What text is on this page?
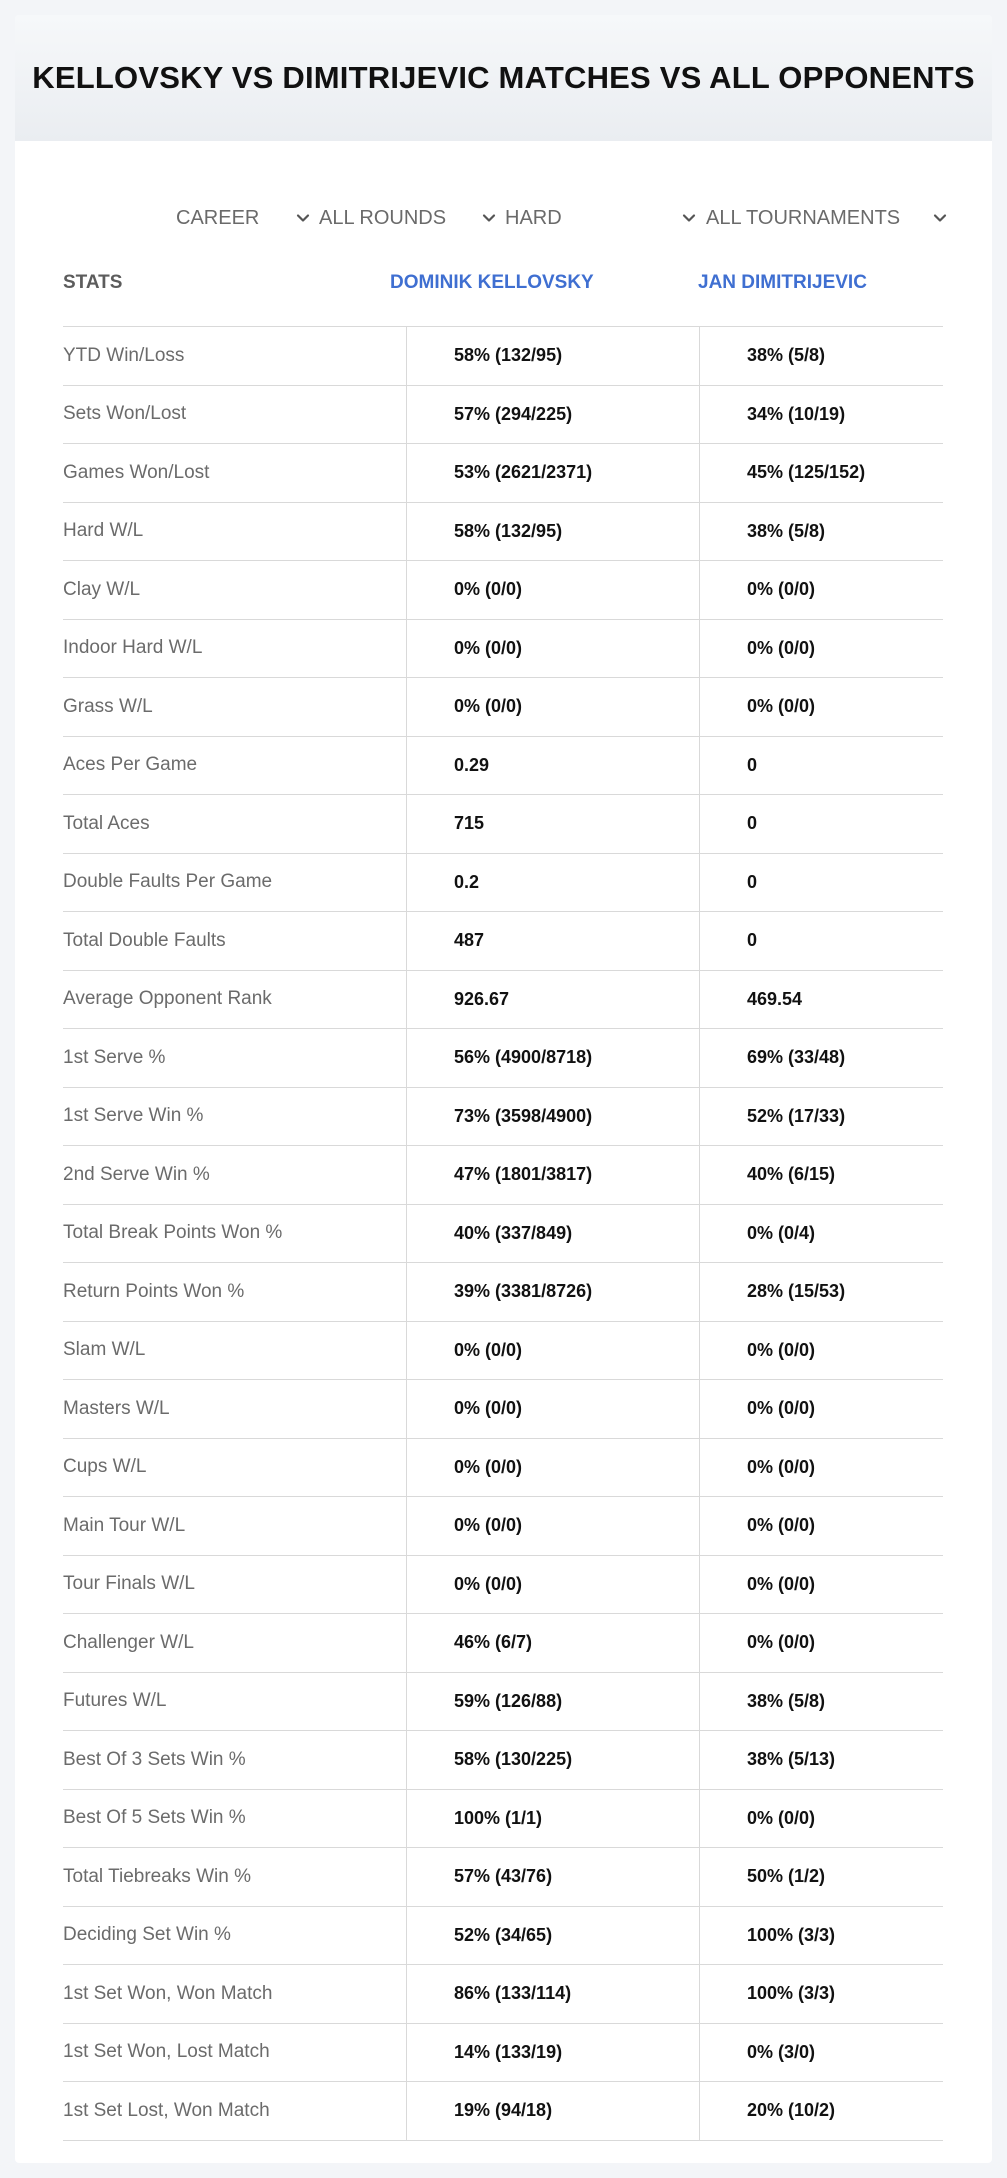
KELLOVSKY VS DIMITRIJEVIC MATCHES VS ALL OPPONENTS
CAREER	ALL ROUNDS	HARD	ALL TOURNAMENTS
STATS	DOMINIK KELLOVSKY	JAN DIMITRIJEVIC
YTD Win/Loss	58% (132/95)	38% (5/8)
Sets Won/Lost	57% (294/225)	34% (10/19)
Games Won/Lost	53% (2621/2371)	45% (125/152)
Hard W/L	58% (132/95)	38% (5/8)
Clay W/L	0% (0/0)	0% (0/0)
Indoor Hard W/L	0% (0/0)	0% (0/0)
Grass W/L	0% (0/0)	0% (0/0)
Aces Per Game	0.29	0
Total Aces	715	0
Double Faults Per Game	0.2	0
Total Double Faults	487	0
Average Opponent Rank	926.67	469.54
1st Serve %	56% (4900/8718)	69% (33/48)
1st Serve Win %	73% (3598/4900)	52% (17/33)
2nd Serve Win %	47% (1801/3817)	40% (6/15)
Total Break Points Won %	40% (337/849)	0% (0/4)
Return Points Won %	39% (3381/8726)	28% (15/53)
Slam W/L	0% (0/0)	0% (0/0)
Masters W/L	0% (0/0)	0% (0/0)
Cups W/L	0% (0/0)	0% (0/0)
Main Tour W/L	0% (0/0)	0% (0/0)
Tour Finals W/L	0% (0/0)	0% (0/0)
Challenger W/L	46% (6/7)	0% (0/0)
Futures W/L	59% (126/88)	38% (5/8)
Best Of 3 Sets Win %	58% (130/225)	38% (5/13)
Best Of 5 Sets Win %	100% (1/1)	0% (0/0)
Total Tiebreaks Win %	57% (43/76)	50% (1/2)
Deciding Set Win %	52% (34/65)	100% (3/3)
1st Set Won, Won Match	86% (133/114)	100% (3/3)
1st Set Won, Lost Match	14% (133/19)	0% (3/0)
1st Set Lost, Won Match	19% (94/18)	20% (10/2)
